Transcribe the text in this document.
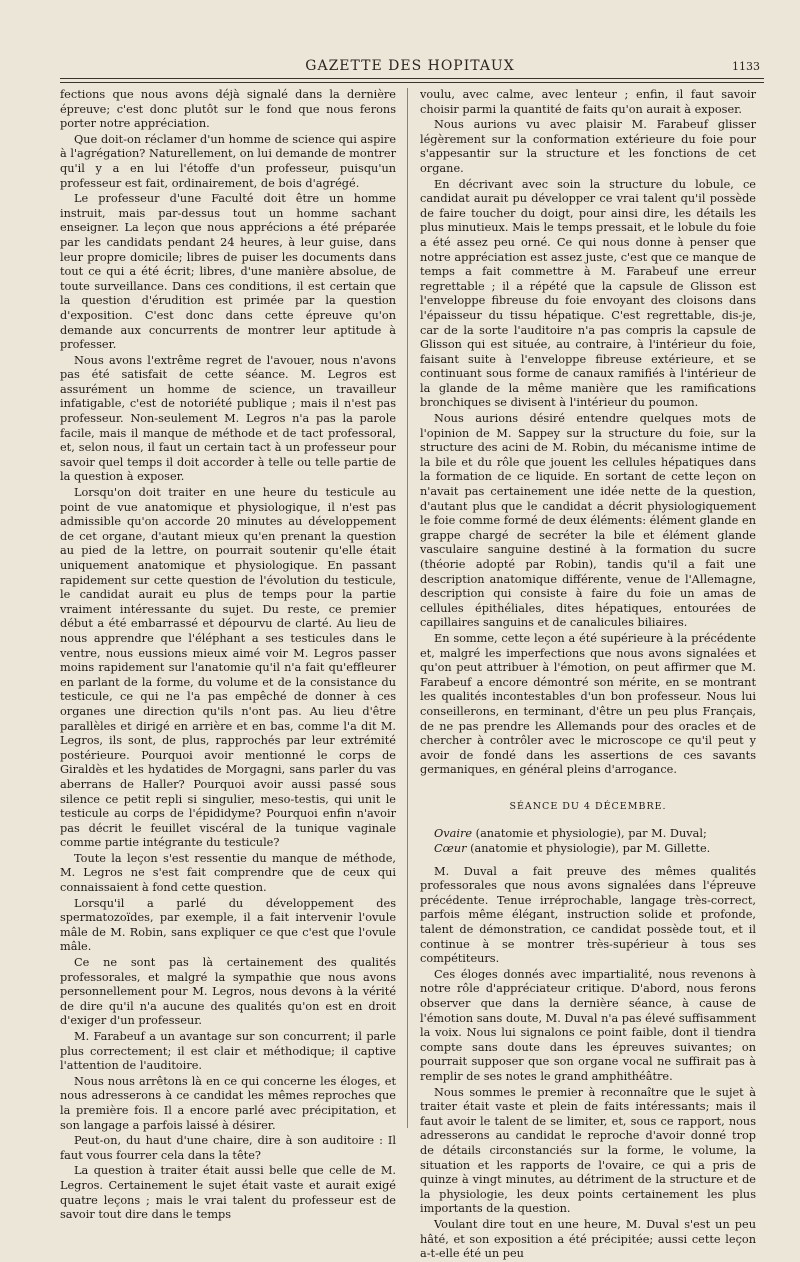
GAZETTE DES HOPITAUX	1133

fections que nous avons déjà signalé dans la dernière épreuve; c'est donc plutôt sur le fond que nous ferons porter notre appréciation.

Que doit-on réclamer d'un homme de science qui aspire à l'agrégation? Naturellement, on lui demande de montrer qu'il y a en lui l'étoffe d'un professeur, puisqu'un professeur est fait, ordinairement, de bois d'agrégé.

Le professeur d'une Faculté doit être un homme instruit, mais par-dessus tout un homme sachant enseigner. La leçon que nous apprécions a été préparée par les candidats pendant 24 heures, à leur guise, dans leur propre domicile; libres de puiser les documents dans tout ce qui a été écrit; libres, d'une manière absolue, de toute surveillance. Dans ces conditions, il est certain que la question d'érudition est primée par la question d'exposition. C'est donc dans cette épreuve qu'on demande aux concurrents de montrer leur aptitude à professer.

Nous avons l'extrême regret de l'avouer, nous n'avons pas été satisfait de cette séance. M. Legros est assurément un homme de science, un travailleur infatigable, c'est de notoriété publique ; mais il n'est pas professeur. Non-seulement M. Legros n'a pas la parole facile, mais il manque de méthode et de tact professoral, et, selon nous, il faut un certain tact à un professeur pour savoir quel temps il doit accorder à telle ou telle partie de la question à exposer.

Lorsqu'on doit traiter en une heure du testicule au point de vue anatomique et physiologique, il n'est pas admissible qu'on accorde 20 minutes au développement de cet organe, d'autant mieux qu'en prenant la question au pied de la lettre, on pourrait soutenir qu'elle était uniquement anatomique et physiologique. En passant rapidement sur cette question de l'évolution du testicule, le candidat aurait eu plus de temps pour la partie vraiment intéressante du sujet. Du reste, ce premier début a été embarrassé et dépourvu de clarté. Au lieu de nous apprendre que l'éléphant a ses testicules dans le ventre, nous eussions mieux aimé voir M. Legros passer moins rapidement sur l'anatomie qu'il n'a fait qu'effleurer en parlant de la forme, du volume et de la consistance du testicule, ce qui ne l'a pas empêché de donner à ces organes une direction qu'ils n'ont pas. Au lieu d'être parallèles et dirigé en arrière et en bas, comme l'a dit M. Legros, ils sont, de plus, rapprochés par leur extrémité postérieure. Pourquoi avoir mentionné le corps de Giraldès et les hydatides de Morgagni, sans parler du vas aberrans de Haller? Pourquoi avoir aussi passé sous silence ce petit repli si singulier, meso-testis, qui unit le testicule au corps de l'épididyme? Pourquoi enfin n'avoir pas décrit le feuillet viscéral de la tunique vaginale comme partie intégrante du testicule?

Toute la leçon s'est ressentie du manque de méthode, M. Legros ne s'est fait comprendre que de ceux qui connaissaient à fond cette question.

Lorsqu'il a parlé du développement des spermatozoïdes, par exemple, il a fait intervenir l'ovule mâle de M. Robin, sans expliquer ce que c'est que l'ovule mâle.

Ce ne sont pas là certainement des qualités professorales, et malgré la sympathie que nous avons personnellement pour M. Legros, nous devons à la vérité de dire qu'il n'a aucune des qualités qu'on est en droit d'exiger d'un professeur.

M. Farabeuf a un avantage sur son concurrent; il parle plus correctement; il est clair et méthodique; il captive l'attention de l'auditoire.

Nous nous arrêtons là en ce qui concerne les éloges, et nous adresserons à ce candidat les mêmes reproches que la première fois. Il a encore parlé avec précipitation, et son langage a parfois laissé à désirer.

Peut-on, du haut d'une chaire, dire à son auditoire : Il faut vous fourrer cela dans la tête?

La question à traiter était aussi belle que celle de M. Legros. Certainement le sujet était vaste et aurait exigé quatre leçons ; mais le vrai talent du professeur est de savoir tout dire dans le temps

voulu, avec calme, avec lenteur ; enfin, il faut savoir choisir parmi la quantité de faits qu'on aurait à exposer.

Nous aurions vu avec plaisir M. Farabeuf glisser légèrement sur la conformation extérieure du foie pour s'appesantir sur la structure et les fonctions de cet organe.

En décrivant avec soin la structure du lobule, ce candidat aurait pu développer ce vrai talent qu'il possède de faire toucher du doigt, pour ainsi dire, les détails les plus minutieux. Mais le temps pressait, et le lobule du foie a été assez peu orné. Ce qui nous donne à penser que notre appréciation est assez juste, c'est que ce manque de temps a fait commettre à M. Farabeuf une erreur regrettable ; il a répété que la capsule de Glisson est l'enveloppe fibreuse du foie envoyant des cloisons dans l'épaisseur du tissu hépatique. C'est regrettable, dis-je, car de la sorte l'auditoire n'a pas compris la capsule de Glisson qui est située, au contraire, à l'intérieur du foie, faisant suite à l'enveloppe fibreuse extérieure, et se continuant sous forme de canaux ramifiés à l'intérieur de la glande de la même manière que les ramifications bronchiques se divisent à l'intérieur du poumon.

Nous aurions désiré entendre quelques mots de l'opinion de M. Sappey sur la structure du foie, sur la structure des acini de M. Robin, du mécanisme intime de la bile et du rôle que jouent les cellules hépatiques dans la formation de ce liquide. En sortant de cette leçon on n'avait pas certainement une idée nette de la question, d'autant plus que le candidat a décrit physiologiquement le foie comme formé de deux éléments: élément glande en grappe chargé de secréter la bile et élément glande vasculaire sanguine destiné à la formation du sucre (théorie adopté par Robin), tandis qu'il a fait une description anatomique différente, venue de l'Allemagne, description qui consiste à faire du foie un amas de cellules épithéliales, dites hépatiques, entourées de capillaires sanguins et de canalicules biliaires.

En somme, cette leçon a été supérieure à la précédente et, malgré les imperfections que nous avons signalées et qu'on peut attribuer à l'émotion, on peut affirmer que M. Farabeuf a encore démontré son mérite, en se montrant les qualités incontestables d'un bon professeur. Nous lui conseillerons, en terminant, d'être un peu plus Français, de ne pas prendre les Allemands pour des oracles et de chercher à contrôler avec le microscope ce qu'il peut y avoir de fondé dans les assertions de ces savants germaniques, en général pleins d'arrogance.

SÉANCE DU 4 DÉCEMBRE.

Ovaire (anatomie et physiologie), par M. Duval;

Cœur (anatomie et physiologie), par M. Gillette.

M. Duval a fait preuve des mêmes qualités professorales que nous avons signalées dans l'épreuve précédente. Tenue irréprochable, langage très-correct, parfois même élégant, instruction solide et profonde, talent de démonstration, ce candidat possède tout, et il continue à se montrer très-supérieur à tous ses compétiteurs.

Ces éloges donnés avec impartialité, nous revenons à notre rôle d'appréciateur critique. D'abord, nous ferons observer que dans la dernière séance, à cause de l'émotion sans doute, M. Duval n'a pas élevé suffisamment la voix. Nous lui signalons ce point faible, dont il tiendra compte sans doute dans les épreuves suivantes; on pourrait supposer que son organe vocal ne suffirait pas à remplir de ses notes le grand amphithéâtre.

Nous sommes le premier à reconnaître que le sujet à traiter était vaste et plein de faits intéressants; mais il faut avoir le talent de se limiter, et, sous ce rapport, nous adresserons au candidat le reproche d'avoir donné trop de détails circonstanciés sur la forme, le volume, la situation et les rapports de l'ovaire, ce qui a pris de quinze à vingt minutes, au détriment de la structure et de la physiologie, les deux points certainement les plus importants de la question.

Voulant dire tout en une heure, M. Duval s'est un peu hâté, et son exposition a été précipitée; aussi cette leçon a-t-elle été un peu
